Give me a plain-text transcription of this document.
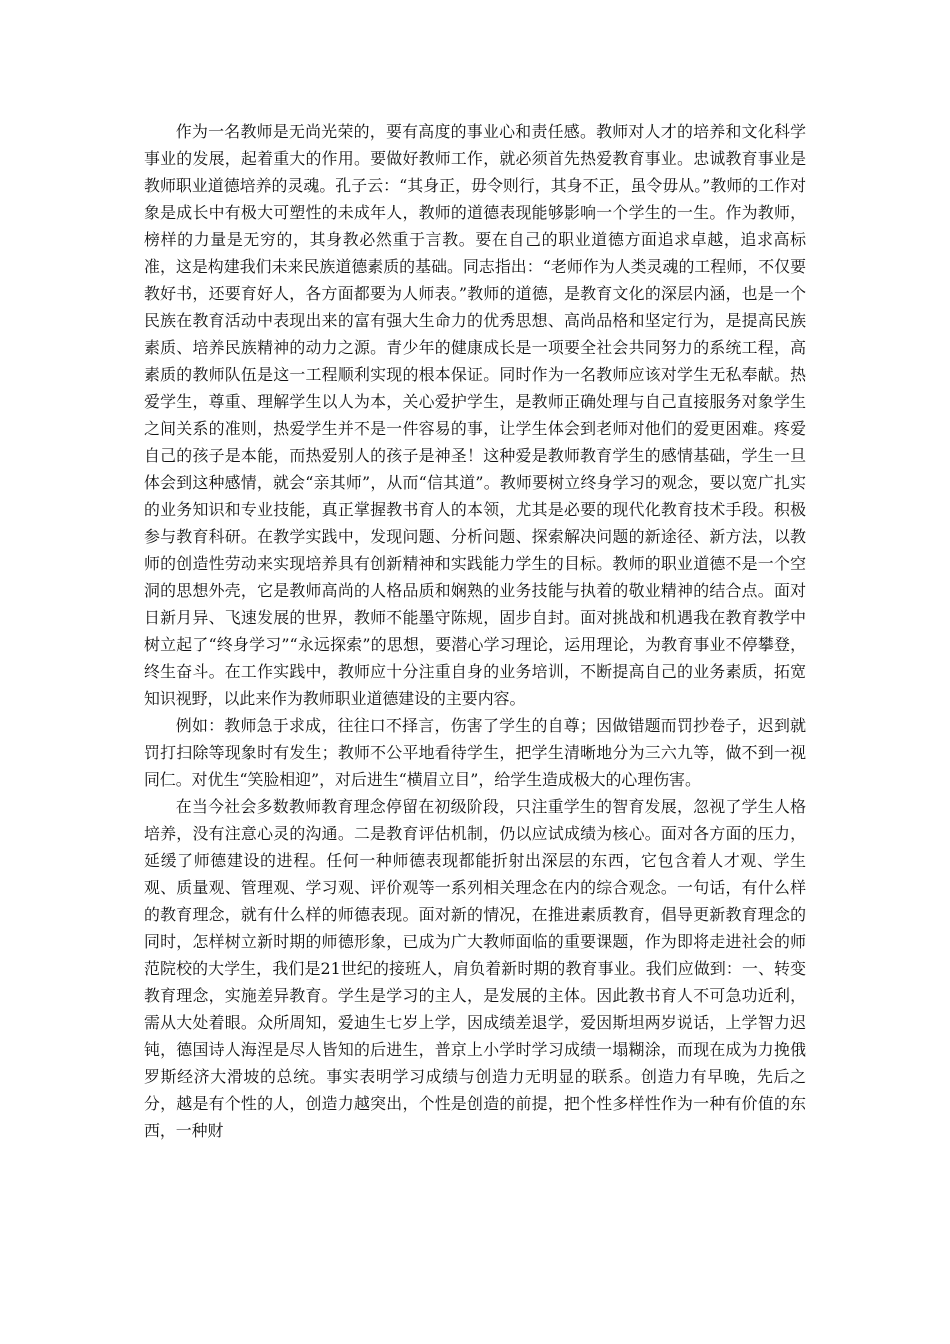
作为一名教师是无尚光荣的，要有高度的事业心和责任感。教师对人才的培养和文化科学事业的发展，起着重大的作用。要做好教师工作，就必须首先热爱教育事业。忠诚教育事业是教师职业道德培养的灵魂。孔子云：“其身正，毋令则行，其身不正，虽令毋从。”教师的工作对象是成长中有极大可塑性的未成年人，教师的道德表现能够影响一个学生的一生。作为教师，榜样的力量是无穷的，其身教必然重于言教。要在自己的职业道德方面追求卓越，追求高标准，这是构建我们未来民族道德素质的基础。同志指出：“老师作为人类灵魂的工程师，不仅要教好书，还要育好人，各方面都要为人师表。”教师的道德，是教育文化的深层内涵，也是一个民族在教育活动中表现出来的富有强大生命力的优秀思想、高尚品格和坚定行为，是提高民族素质、培养民族精神的动力之源。青少年的健康成长是一项要全社会共同努力的系统工程，高素质的教师队伍是这一工程顺利实现的根本保证。同时作为一名教师应该对学生无私奉献。热爱学生，尊重、理解学生以人为本，关心爱护学生，是教师正确处理与自己直接服务对象学生之间关系的准则，热爱学生并不是一件容易的事，让学生体会到老师对他们的爱更困难。疼爱自己的孩子是本能，而热爱别人的孩子是神圣！这种爱是教师教育学生的感情基础，学生一旦体会到这种感情，就会“亲其师”，从而“信其道”。教师要树立终身学习的观念，要以宽广扎实的业务知识和专业技能，真正掌握教书育人的本领，尤其是必要的现代化教育技术手段。积极参与教育科研。在教学实践中，发现问题、分析问题、探索解决问题的新途径、新方法，以教师的创造性劳动来实现培养具有创新精神和实践能力学生的目标。教师的职业道德不是一个空洞的思想外壳，它是教师高尚的人格品质和娴熟的业务技能与执着的敬业精神的结合点。面对日新月异、飞速发展的世界，教师不能墨守陈规，固步自封。面对挑战和机遇我在教育教学中树立起了“终身学习”“永远探索”的思想，要潜心学习理论，运用理论，为教育事业不停攀登，终生奋斗。在工作实践中，教师应十分注重自身的业务培训，不断提高自己的业务素质，拓宽知识视野，以此来作为教师职业道德建设的主要内容。

例如：教师急于求成，往往口不择言，伤害了学生的自尊；因做错题而罚抄卷子，迟到就罚打扫除等现象时有发生；教师不公平地看待学生，把学生清晰地分为三六九等，做不到一视同仁。对优生“笑脸相迎”，对后进生“横眉立目”，给学生造成极大的心理伤害。

在当今社会多数教师教育理念停留在初级阶段，只注重学生的智育发展，忽视了学生人格培养，没有注意心灵的沟通。二是教育评估机制，仍以应试成绩为核心。面对各方面的压力，延缓了师德建设的进程。任何一种师德表现都能折射出深层的东西，它包含着人才观、学生观、质量观、管理观、学习观、评价观等一系列相关理念在内的综合观念。一句话，有什么样的教育理念，就有什么样的师德表现。面对新的情况，在推进素质教育，倡导更新教育理念的同时，怎样树立新时期的师德形象，已成为广大教师面临的重要课题，作为即将走进社会的师范院校的大学生，我们是21世纪的接班人，肩负着新时期的教育事业。我们应做到：一、转变教育理念，实施差异教育。学生是学习的主人，是发展的主体。因此教书育人不可急功近利，需从大处着眼。众所周知，爱迪生七岁上学，因成绩差退学，爱因斯坦两岁说话，上学智力迟钝，德国诗人海涅是尽人皆知的后进生，普京上小学时学习成绩一塌糊涂，而现在成为力挽俄罗斯经济大滑坡的总统。事实表明学习成绩与创造力无明显的联系。创造力有早晚，先后之分，越是有个性的人，创造力越突出，个性是创造的前提，把个性多样性作为一种有价值的东西，一种财
